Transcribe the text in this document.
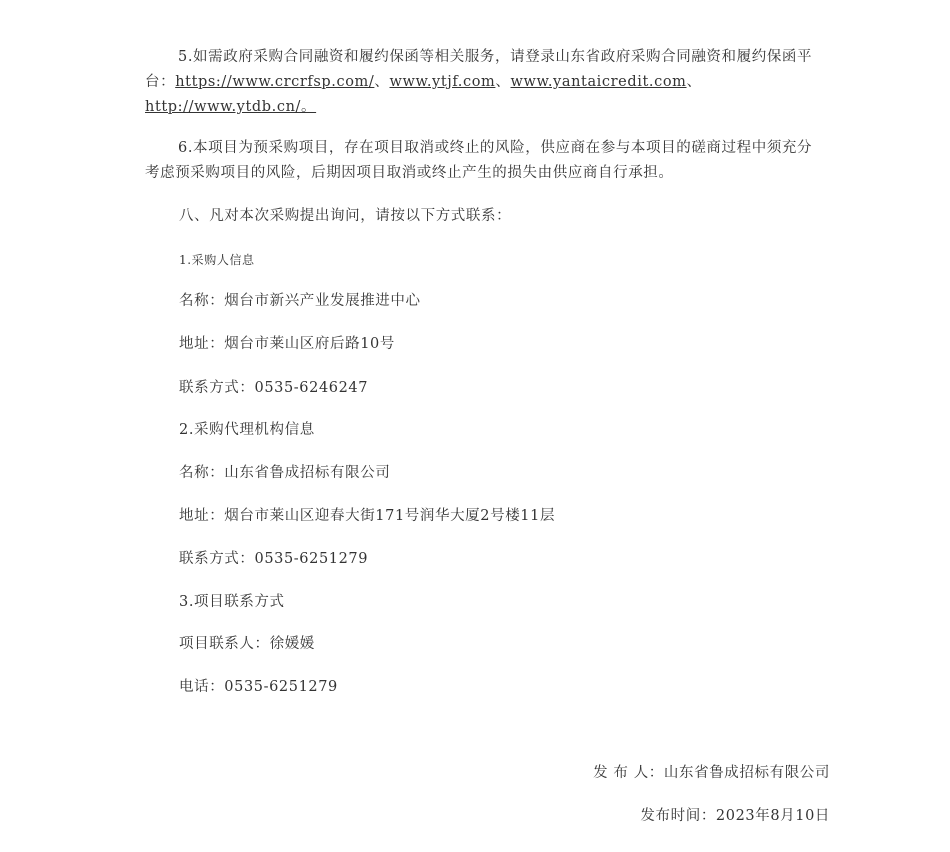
5.如需政府采购合同融资和履约保函等相关服务，请登录山东省政府采购合同融资和履约保函平台：https://www.crcrfsp.com/、www.ytjf.com、www.yantaicredit.com、http://www.ytdb.cn/。

6.本项目为预采购项目，存在项目取消或终止的风险，供应商在参与本项目的磋商过程中须充分考虑预采购项目的风险，后期因项目取消或终止产生的损失由供应商自行承担。

八、凡对本次采购提出询问，请按以下方式联系：

1.采购人信息

名称：烟台市新兴产业发展推进中心

地址：烟台市莱山区府后路10号

联系方式：0535-6246247

2.采购代理机构信息

名称：山东省鲁成招标有限公司

地址：烟台市莱山区迎春大街171号润华大厦2号楼11层

联系方式：0535-6251279

3.项目联系方式

项目联系人：徐媛媛

电话：0535-6251279

发 布 人：山东省鲁成招标有限公司
发布时间：2023年8月10日
